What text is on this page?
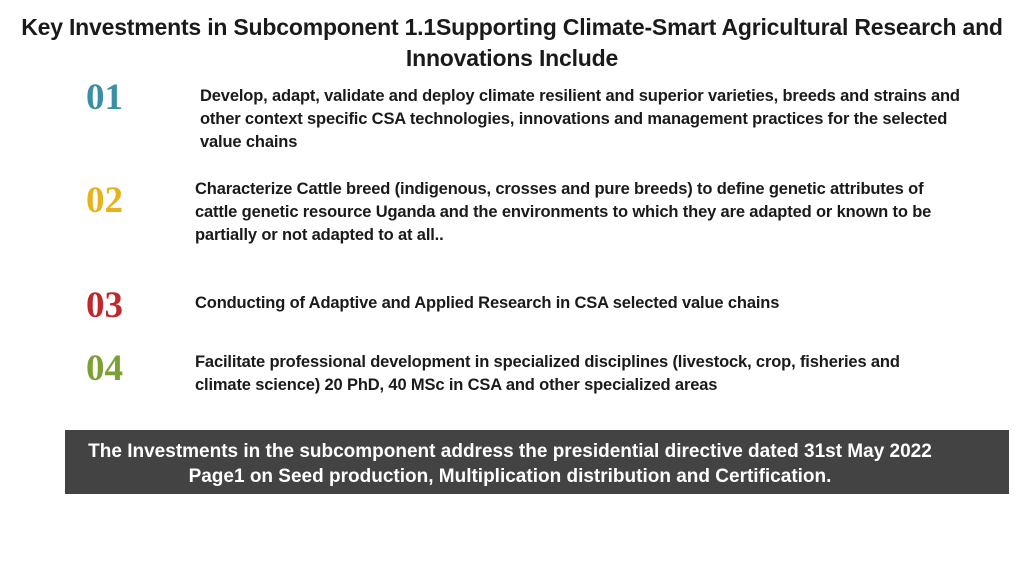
Key Investments in Subcomponent 1.1Supporting Climate-Smart Agricultural Research and Innovations Include
01	Develop, adapt, validate and deploy climate resilient and superior varieties, breeds and strains and other context specific CSA technologies, innovations and management practices for the selected value chains
02	Characterize Cattle breed (indigenous, crosses and pure breeds) to define genetic attributes of cattle genetic resource Uganda and the environments to which they are adapted or known to be partially or not adapted to at all..
03	Conducting of Adaptive and Applied Research in CSA selected value chains
04	Facilitate professional development in specialized disciplines (livestock, crop, fisheries and climate science) 20 PhD, 40 MSc in CSA and other specialized areas
The Investments in the subcomponent address the presidential directive dated 31st May 2022 Page1 on Seed production, Multiplication distribution and Certification.
